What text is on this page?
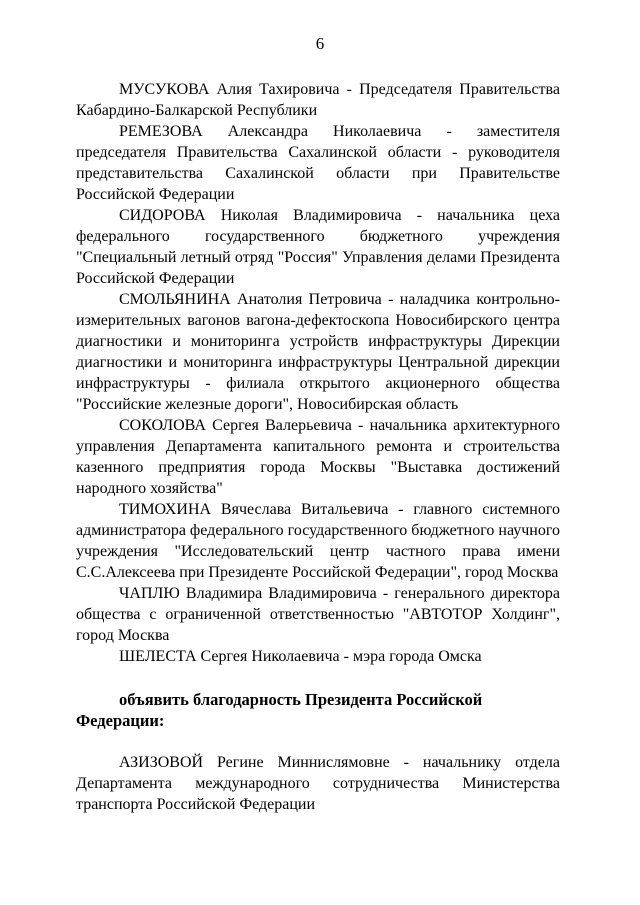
6

МУСУКОВА Алия Тахировича - Председателя Правительства Кабардино-Балкарской Республики

РЕМЕЗОВА Александра Николаевича - заместителя председателя Правительства Сахалинской области - руководителя представительства Сахалинской области при Правительстве Российской Федерации

СИДОРОВА Николая Владимировича - начальника цеха федерального государственного бюджетного учреждения "Специальный летный отряд "Россия" Управления делами Президента Российской Федерации

СМОЛЬЯНИНА Анатолия Петровича - наладчика контрольно-измерительных вагонов вагона-дефектоскопа Новосибирского центра диагностики и мониторинга устройств инфраструктуры Дирекции диагностики и мониторинга инфраструктуры Центральной дирекции инфраструктуры - филиала открытого акционерного общества "Российские железные дороги", Новосибирская область

СОКОЛОВА Сергея Валерьевича - начальника архитектурного управления Департамента капитального ремонта и строительства казенного предприятия города Москвы "Выставка достижений народного хозяйства"

ТИМОХИНА Вячеслава Витальевича - главного системного администратора федерального государственного бюджетного научного учреждения "Исследовательский центр частного права имени С.С.Алексеева при Президенте Российской Федерации", город Москва

ЧАПЛЮ Владимира Владимировича - генерального директора общества с ограниченной ответственностью "АВТОТОР Холдинг", город Москва

ШЕЛЕСТА Сергея Николаевича - мэра города Омска

объявить благодарность Президента Российской Федерации:

АЗИЗОВОЙ Регине Миннислямовне - начальнику отдела Департамента международного сотрудничества Министерства транспорта Российской Федерации
